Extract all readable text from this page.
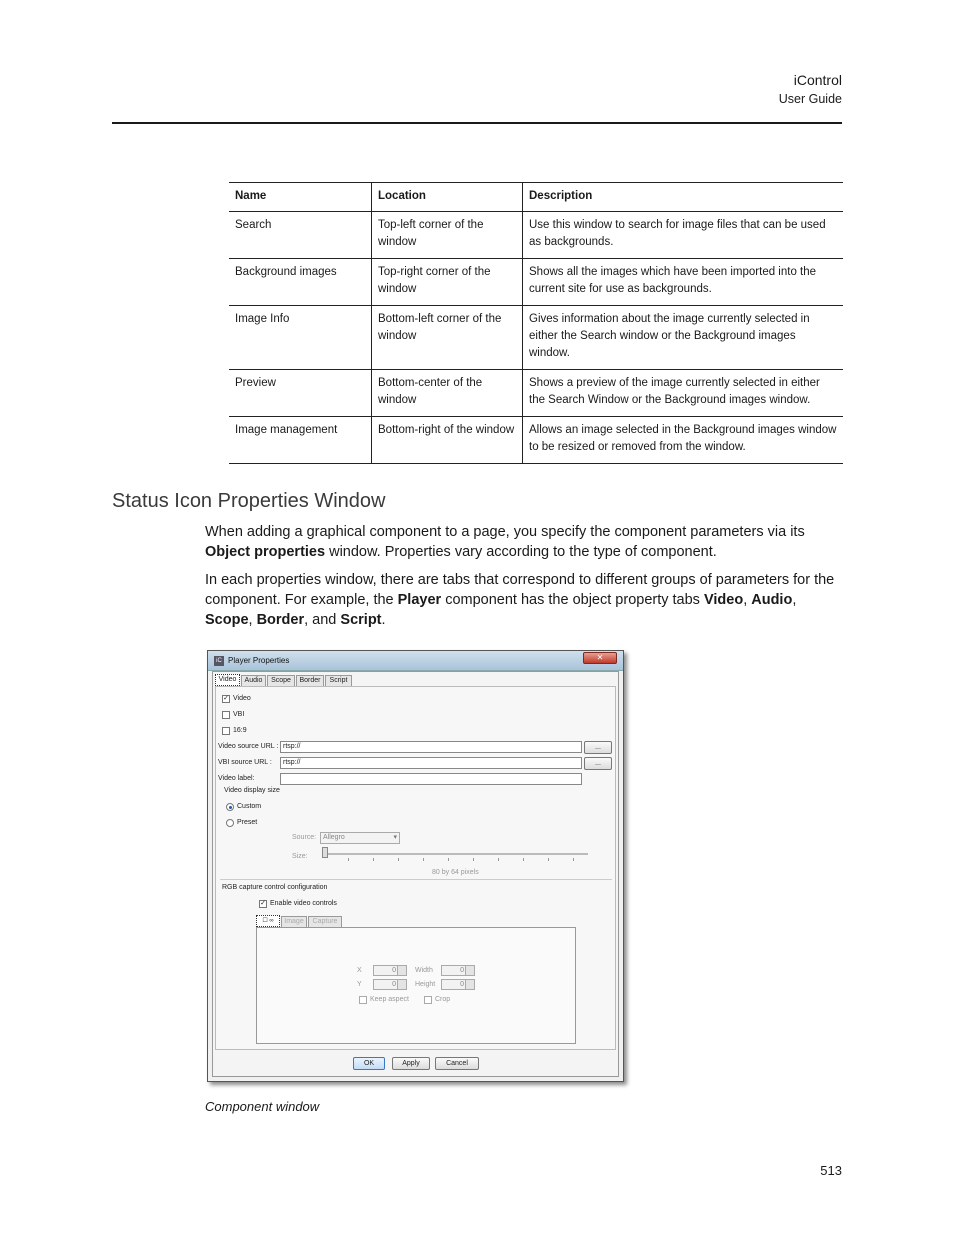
iControl
User Guide
Name	Location	Description
Search	Top-left corner of the window	Use this window to search for image files that can be used as backgrounds.
Background images	Top-right corner of the window	Shows all the images which have been imported into the current site for use as backgrounds.
Image Info	Bottom-left corner of the window	Gives information about the image currently selected in either the Search window or the Background images window.
Preview	Bottom-center of the window	Shows a preview of the image currently selected in either the Search Window or the Background images window.
Image management	Bottom-right of the window	Allows an image selected in the Background images window to be resized or removed from the window.
Status Icon Properties Window
When adding a graphical component to a page, you specify the component parameters via its Object properties window. Properties vary according to the type of component.
In each properties window, there are tabs that correspond to different groups of parameters for the component. For example, the Player component has the object property tabs Video, Audio, Scope, Border, and Script.
iC Player Properties	✕
Video	Audio	Scope	Border	Script
✓ Video
VBI
16:9
Video source URL : rtsp://	...
VBI source URL :	rtsp://	...
Video label:
Video display size
Custom
Preset
Source: Allegro ▾
Size:
80 by 64 pixels
RGB capture control configuration
✓ Enable video controls
☐ ∞	Image	Capture
X	0
Y	0
Width	0
Height	0
Keep aspect	Crop
OK	Apply	Cancel
Component window
513
